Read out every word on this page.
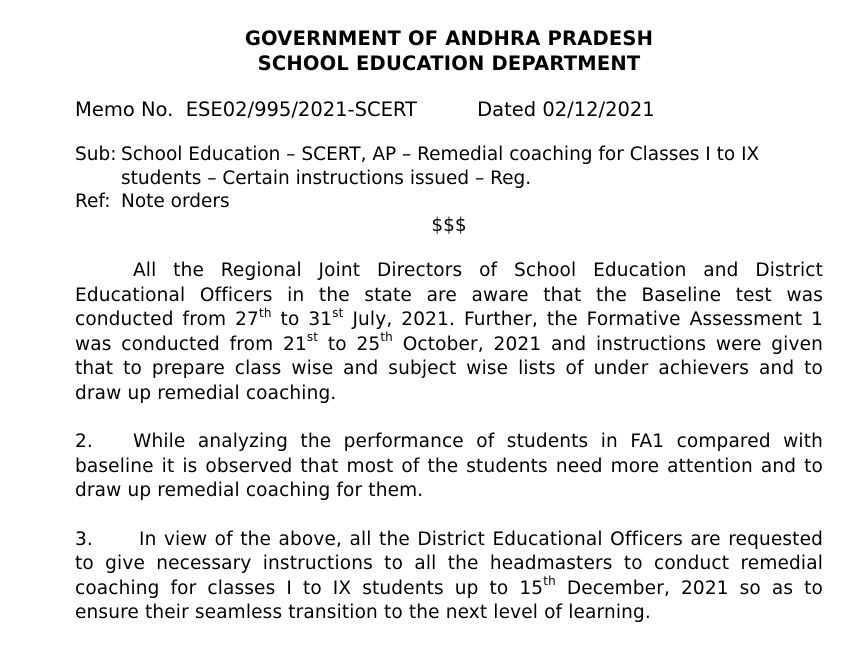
GOVERNMENT OF ANDHRA PRADESH
SCHOOL EDUCATION DEPARTMENT
Memo No.  ESE02/995/2021-SCERT	Dated 02/12/2021
Sub: School Education – SCERT, AP – Remedial coaching for Classes I to IX students – Certain instructions issued – Reg.
Ref: Note orders
$$$

All the Regional Joint Directors of School Education and District Educational Officers in the state are aware that the Baseline test was conducted from 27th to 31st July, 2021. Further, the Formative Assessment 1 was conducted from 21st to 25th October, 2021 and instructions were given that to prepare class wise and subject wise lists of under achievers and to draw up remedial coaching.

2. While analyzing the performance of students in FA1 compared with baseline it is observed that most of the students need more attention and to draw up remedial coaching for them.

3. In view of the above, all the District Educational Officers are requested to give necessary instructions to all the headmasters to conduct remedial coaching for classes I to IX students up to 15th December, 2021 so as to ensure their seamless transition to the next level of learning.
